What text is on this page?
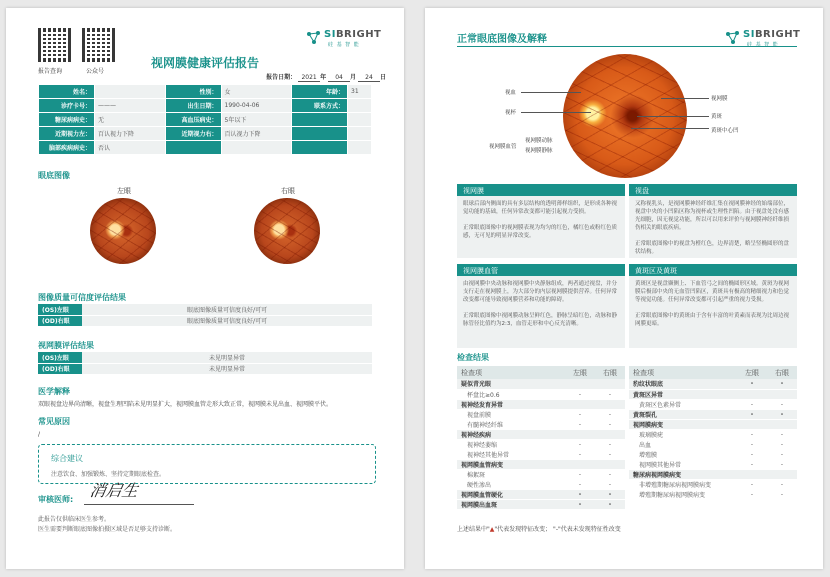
报告查询	公众号
SIBRIGHT
硅 基 智 能
视网膜健康评估报告
报告日期： 2021 年 04 月 24 日
姓名：		性别：	女	年龄：	31
诊疗卡号：	———	出生日期：	1990-04-06	联系方式：	
糖尿病病史：	无	高血压病史：	5年以下		
近期视力左：	百认视力下降	近期视力右：	百认视力下降		
脑部疾病病史：	否认				
眼底图像
左眼	右眼
图像质量可信度评估结果
(OS)左眼	眼底图像质量可信度良好/可可
(OD)右眼	眼底图像质量可信度良好/可可
视网膜评估结果
(OS)左眼	未见明显异常
(OD)右眼	未见明显异常
医学解释
双眼视盘边界尚清晰，视盘生理凹陷未见明显扩大，视网膜血管走形大致正常，视网膜未见出血、视网膜平伏。
常见原因
/
综合建议
注意饮食、加强锻炼、坚持定期眼底检查。
审核医师: 消启生
此报告仅供临床医生参考。
医生需要判断眼底图像拍摄区域是否足够支持诊断。
正常眼底图像及解释	SIBRIGHT
硅 基 智 能
视血
视杯
视网膜动脉
视网膜静脉
视网膜血管
视网膜
黄斑
黄斑中心凹
视网膜
眼球后部内侧面的具有多层结构的透明薄样组织，是形成各种视觉功能的基础，任何异常改变都可能引起视力受损。

正常眼底图像中的视网膜表现为均匀的红色，橘红色或粉红色质感，无可见的明显异常改变。
视盘
又称视乳头，是视网膜神经纤维汇集在视网膜神经的始端部位，视盘中央的小凹陷区称为视杯或生理性凹陷。由于视盘处没有感光细胞，因无视觉功能，所以可以用来评价与视网膜神经纤维损伤相关的眼底疾病。

正常眼底图像中的视盘为橙红色，边界清楚，略呈竖椭圆形的盘状结构。
视网膜血管
由视网膜中央动脉和视网膜中央静脉组成，两者通过视盘，并分支行走在视网膜上，为大部分的内层视网膜提供营养。任何异常改变都可能导致视网膜营养和功能的障碍。

正常眼底图像中视网膜动脉呈鲜红色，静脉呈暗红色，动脉和静脉管径比值约为2:3，血管走形和中心反光清晰。
黄斑区及黄斑
黄斑区是视盘颞侧上、下血管弓之间的椭圆形区域。黄斑为视网膜后极部中央的无血管凹陷区，黄斑具有极高的精细视力和色觉等视觉功能。任何异常改变都可引起严重的视力受损。

正常眼底图像中的黄斑由于含有丰富的叶黄素而表现为比周边视网膜更暗。
检查结果
检查项	左眼	右眼
疑似青光眼		
杯盘比≥0.6	-	-
视神经发育异常		
视盘前膜	-	-
有髓神经纤维	-	-
视神经疾病		
视神经萎缩	-	-
视神经其他异常	-	-
视网膜血管病变		
棉絮斑	-	-
硬性渗出	-	-
视网膜血管硬化	-	-
视网膜出血斑	-	-
检查项	左眼	右眼
豹纹状眼底	-	-
黄斑区异常		
黄斑区色素异常	-	-
黄斑裂孔	-	-
视网膜病变		
玻璃膜疣	-	-
出血	-	-
增殖膜	-	-
视网膜其他异常	-	-
糖尿病视网膜病变		
非增殖期糖尿病视网膜病变	-	-
增殖期糖尿病视网膜病变	-	-
上述结果中"▲"代表发现特征改变； "-"代表未发现特征性改变
